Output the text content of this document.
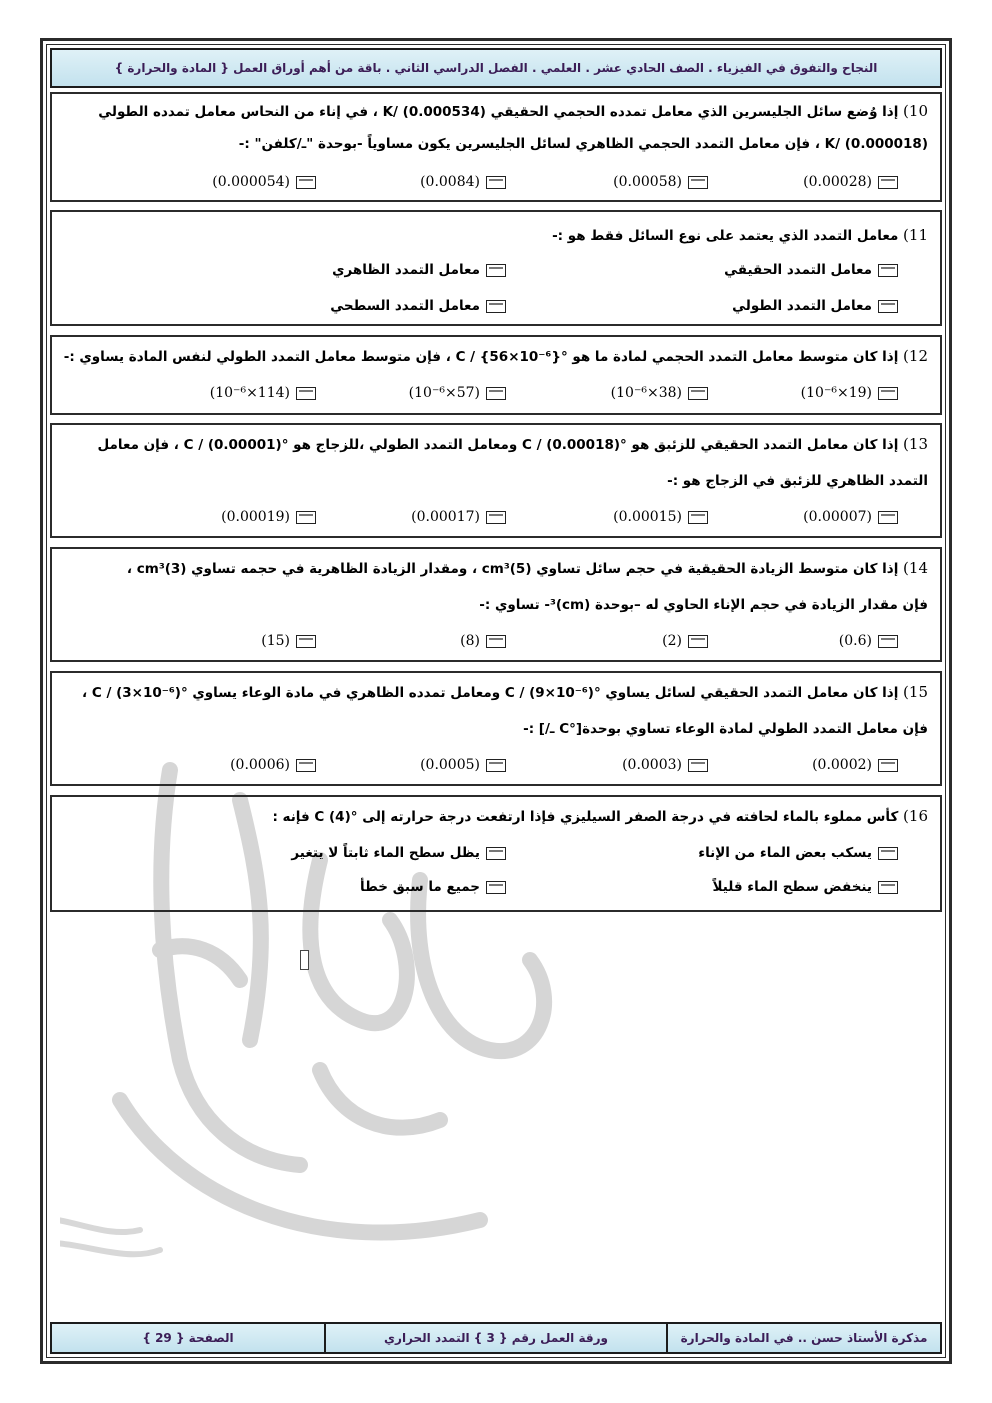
النجاح والتفوق في الفيزياء . الصف الحادي عشر . العلمي . الفصل الدراسي الثاني . باقة من أهم أوراق العمل { المادة والحرارة }
10) إذا وُضع سائل الجليسرين الذي معامل تمدده الحجمي الحقيقي K/ (0.000534) ، في إناء من النحاس معامل تمدده الطولي
K/ (0.000018) ، فإن معامل التمدد الحجمي الظاهري لسائل الجليسرين يكون مساوياً -بوحدة "ـ/كلفن" :-
(0.00028)
(0.00058)
(0.0084)
(0.000054)
11) معامل التمدد الذي يعتمد على نوع السائل فقط هو :-
معامل التمدد الحقيقي
معامل التمدد الظاهري
معامل التمدد الطولي
معامل التمدد السطحي
12) إذا كان متوسط معامل التمدد الحجمي لمادة ما هو °C / {56×10⁻⁶} ، فإن متوسط معامل التمدد الطولي لنفس المادة يساوي :-
(19×10⁻⁶)
(38×10⁻⁶)
(57×10⁻⁶)
(114×10⁻⁶)
13) إذا كان معامل التمدد الحقيقي للزئبق هو °C / (0.00018) ومعامل التمدد الطولي ،للزجاج هو °C / (0.00001) ، فإن معامل
التمدد الظاهري للزئبق في الزجاج هو :-
(0.00007)
(0.00015)
(0.00017)
(0.00019)
14) إذا كان متوسط الزيادة الحقيقية في حجم سائل تساوي cm³(5) ، ومقدار الزيادة الظاهرية في حجمه تساوي cm³(3) ،
فإن مقدار الزيادة في حجم الإناء الحاوي له –بوحدة (cm)³- تساوي :-
(0.6)
(2)
(8)
(15)
15) إذا كان معامل التمدد الحقيقي لسائل يساوي °C / (9×10⁻⁶) ومعامل تمدده الظاهري في مادة الوعاء يساوي °C / (3×10⁻⁶) ،
فإن معامل التمدد الطولي لمادة الوعاء تساوي بوحدة[°C ـ/] :-
(0.0002)
(0.0003)
(0.0005)
(0.0006)
16) كأس مملوء بالماء لحافته في درجة الصفر السيليزي فإذا ارتفعت درجة حرارته إلى °C (4) فإنه :
يسكب بعض الماء من الإناء
يظل سطح الماء ثابتاً لا يتغير
ينخفض سطح الماء قليلاً
جميع ما سبق خطأ
مذكرة الأستاذ حسن .. في المادة والحرارة
ورقة العمل رقم { 3 } التمدد الحراري
الصفحة { 29 }
